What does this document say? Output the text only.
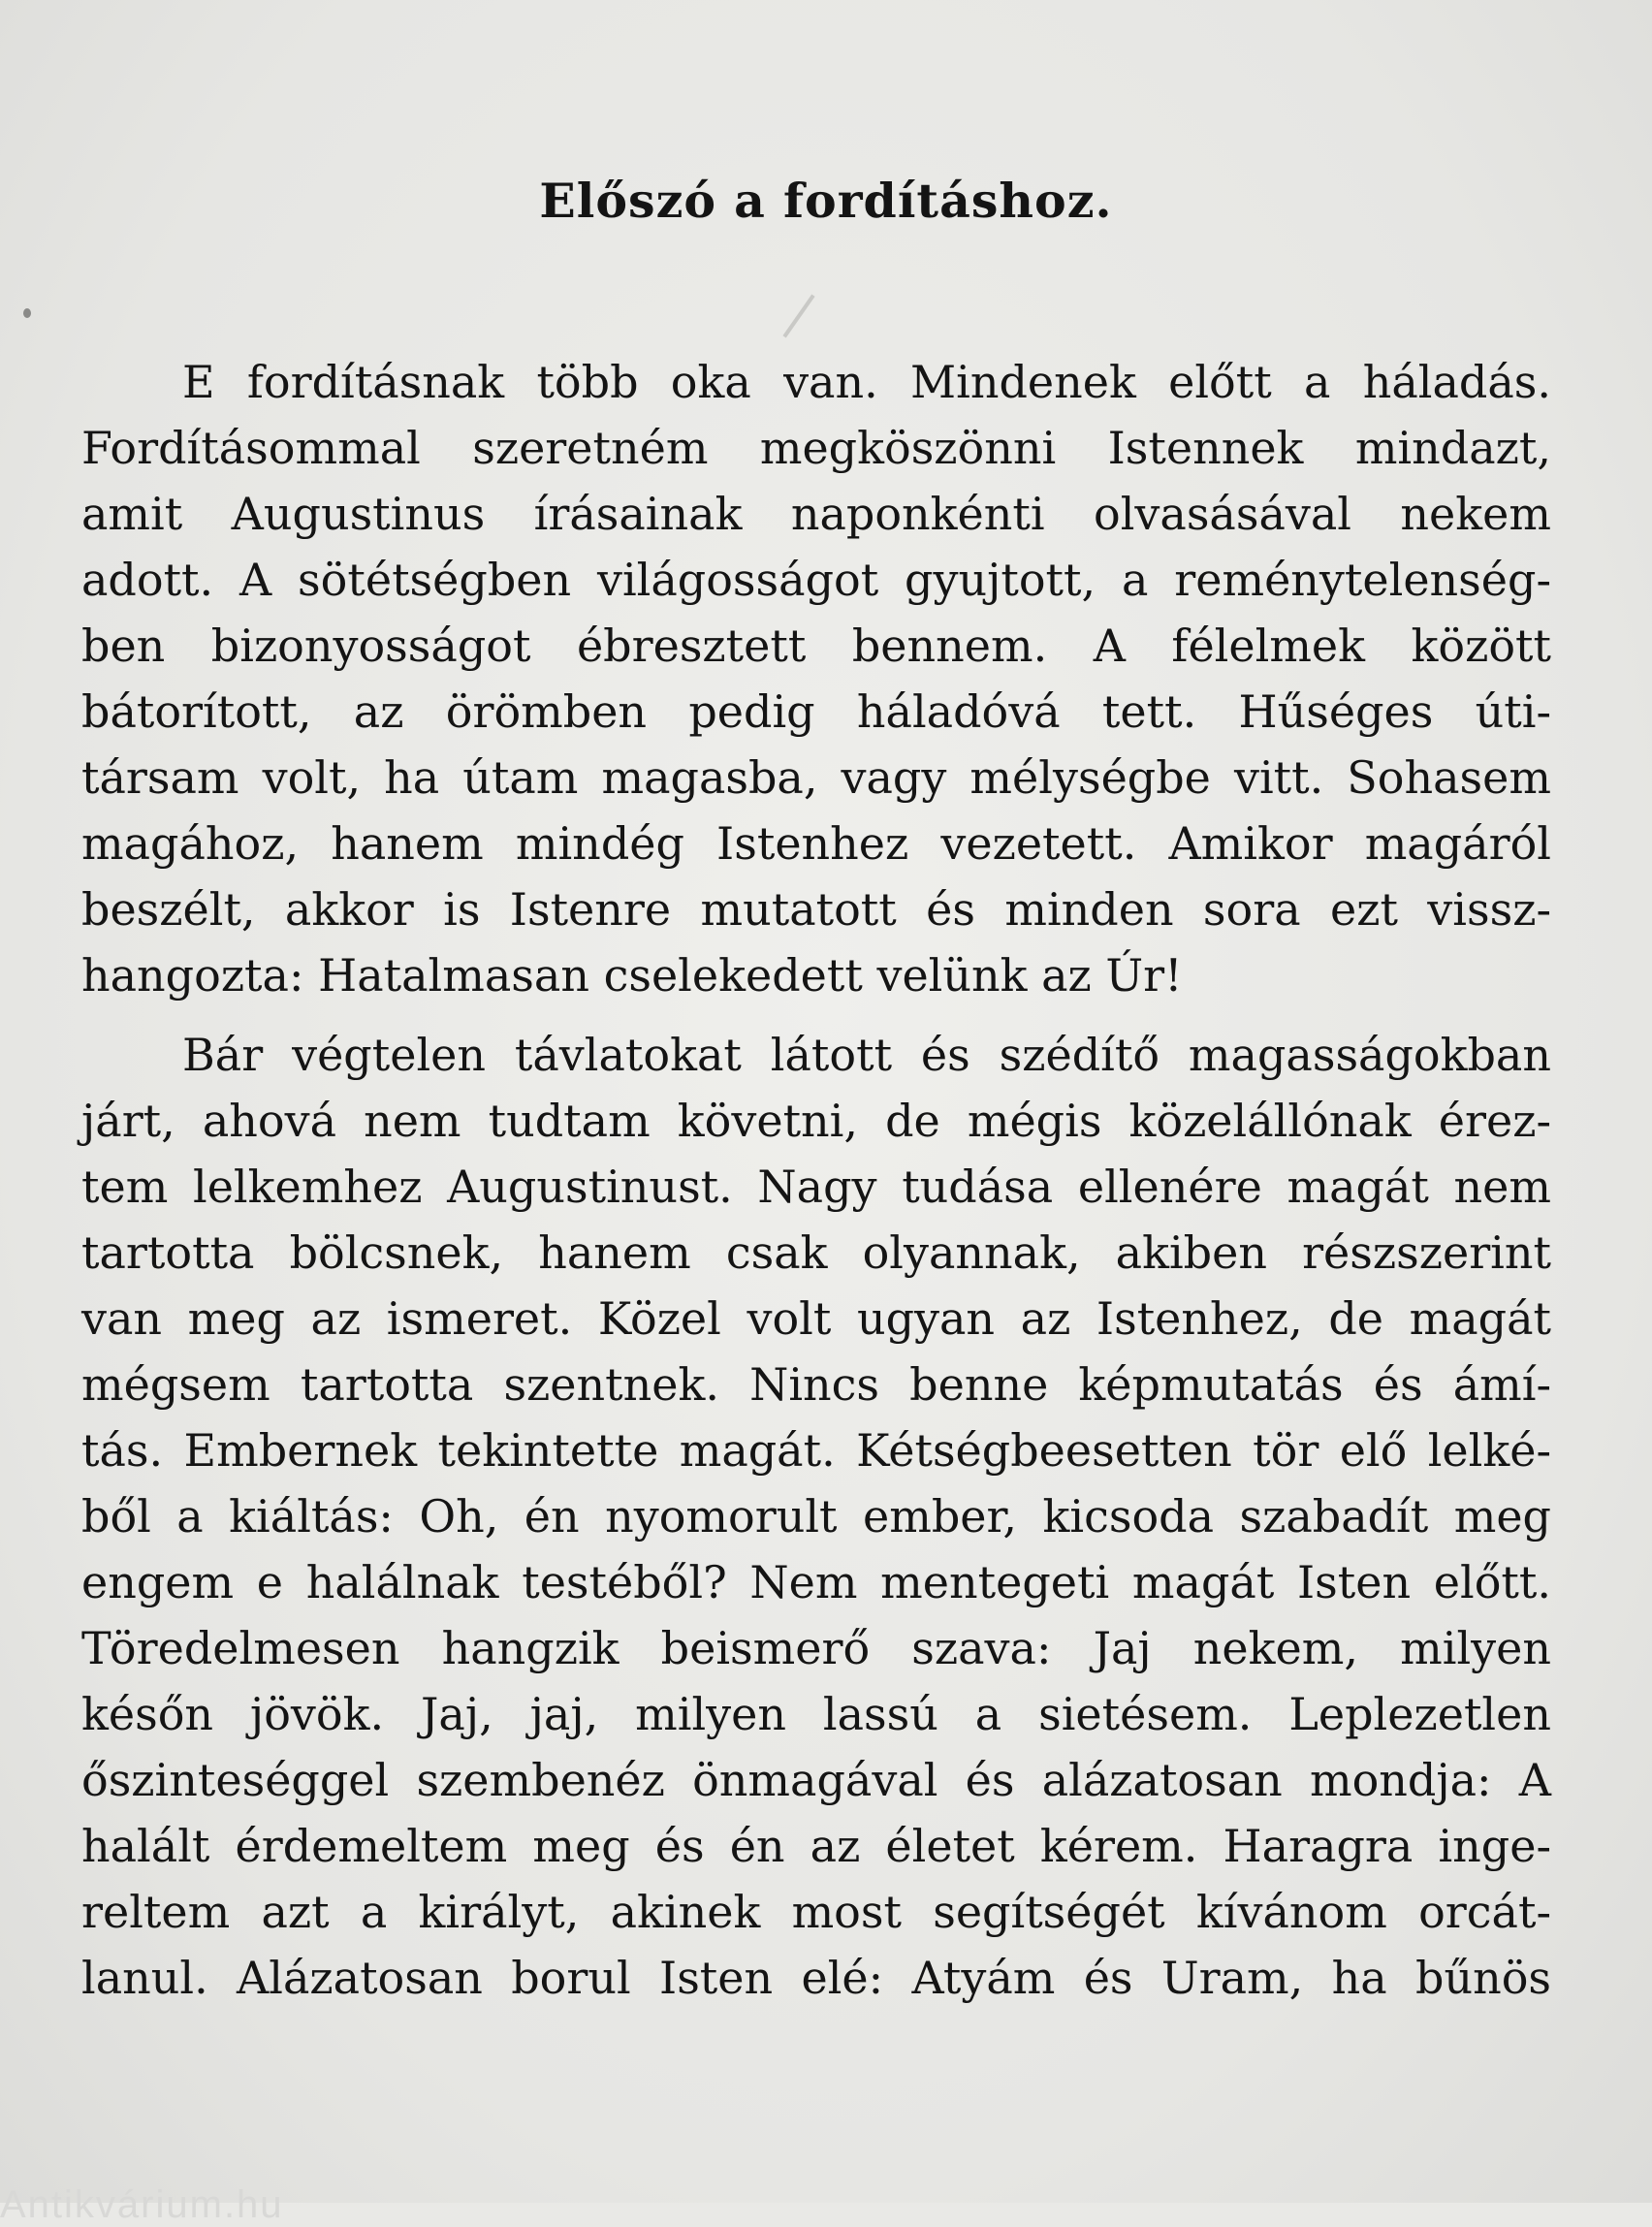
Előszó a fordításhoz.

E fordításnak több oka van. Mindenek előtt a háladás.
Fordításommal szeretném megköszönni Istennek mindazt,
amit Augustinus írásainak naponkénti olvasásával nekem
adott. A sötétségben világosságot gyujtott, a reménytelenség-
ben bizonyosságot ébresztett bennem. A félelmek között
bátorított, az örömben pedig háladóvá tett. Hűséges úti-
társam volt, ha útam magasba, vagy mélységbe vitt. Sohasem
magához, hanem mindég Istenhez vezetett. Amikor magáról
beszélt, akkor is Istenre mutatott és minden sora ezt vissz-
hangozta: Hatalmasan cselekedett velünk az Úr!

Bár végtelen távlatokat látott és szédítő magasságokban
járt, ahová nem tudtam követni, de mégis közelállónak érez-
tem lelkemhez Augustinust. Nagy tudása ellenére magát nem
tartotta bölcsnek, hanem csak olyannak, akiben részszerint
van meg az ismeret. Közel volt ugyan az Istenhez, de magát
mégsem tartotta szentnek. Nincs benne képmutatás és ámí-
tás. Embernek tekintette magát. Kétségbeesetten tör elő lelké-
ből a kiáltás: Oh, én nyomorult ember, kicsoda szabadít meg
engem e halálnak testéből? Nem mentegeti magát Isten előtt.
Töredelmesen hangzik beismerő szava: Jaj nekem, milyen
későn jövök. Jaj, jaj, milyen lassú a sietésem. Leplezetlen
őszinteséggel szembenéz önmagával és alázatosan mondja: A
halált érdemeltem meg és én az életet kérem. Haragra inge-
reltem azt a királyt, akinek most segítségét kívánom orcát-
lanul. Alázatosan borul Isten elé: Atyám és Uram, ha bűnös

Antikvárium.hu
